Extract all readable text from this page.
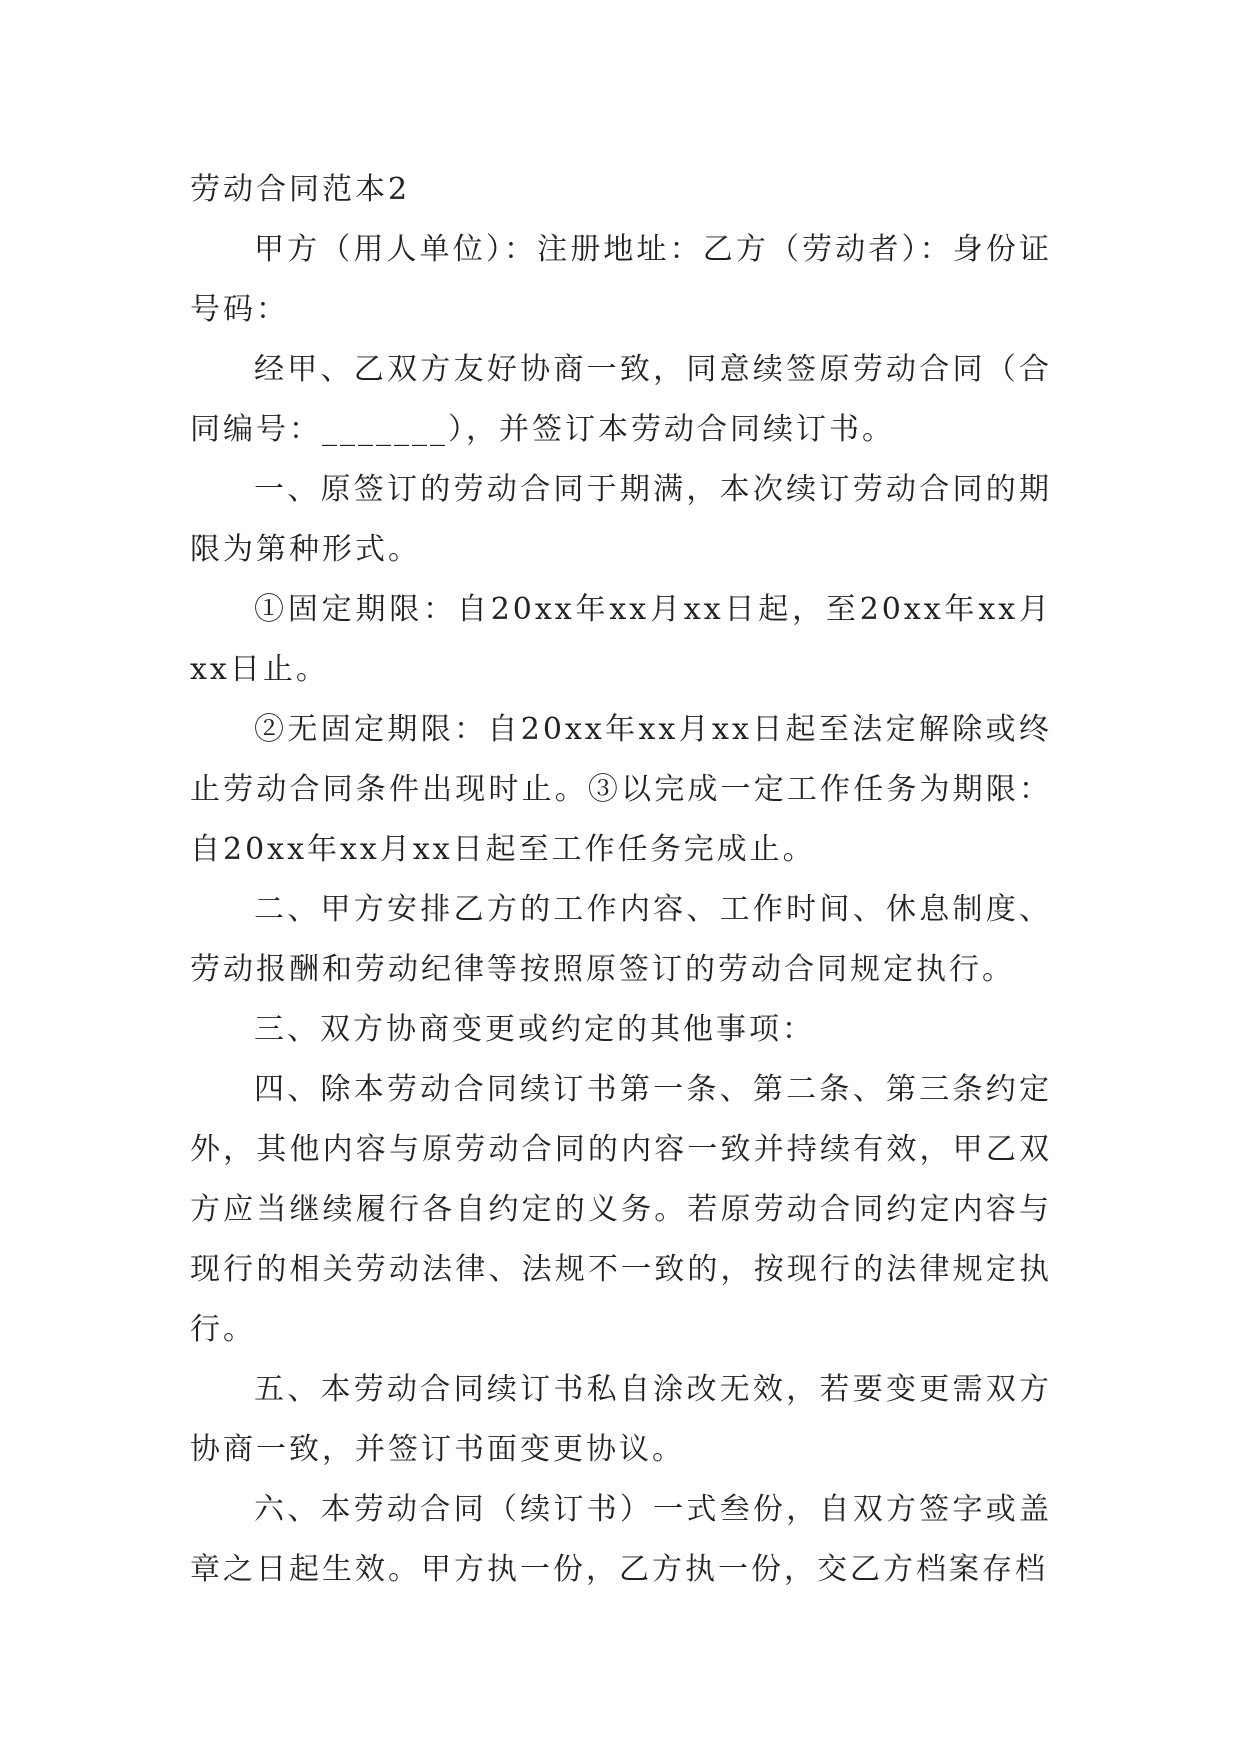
劳动合同范本2

甲方（用人单位）：注册地址：乙方（劳动者）：身份证号码：

经甲、乙双方友好协商一致，同意续签原劳动合同（合同编号：_______），并签订本劳动合同续订书。

一、原签订的劳动合同于期满，本次续订劳动合同的期限为第种形式。

①固定期限：自20xx年xx月xx日起，至20xx年xx月xx日止。

②无固定期限：自20xx年xx月xx日起至法定解除或终止劳动合同条件出现时止。③以完成一定工作任务为期限：自20xx年xx月xx日起至工作任务完成止。

二、甲方安排乙方的工作内容、工作时间、休息制度、劳动报酬和劳动纪律等按照原签订的劳动合同规定执行。

三、双方协商变更或约定的其他事项：

四、除本劳动合同续订书第一条、第二条、第三条约定外，其他内容与原劳动合同的内容一致并持续有效，甲乙双方应当继续履行各自约定的义务。若原劳动合同约定内容与现行的相关劳动法律、法规不一致的，按现行的法律规定执行。

五、本劳动合同续订书私自涂改无效，若要变更需双方协商一致，并签订书面变更协议。

六、本劳动合同（续订书）一式叁份，自双方签字或盖章之日起生效。甲方执一份，乙方执一份，交乙方档案存档
